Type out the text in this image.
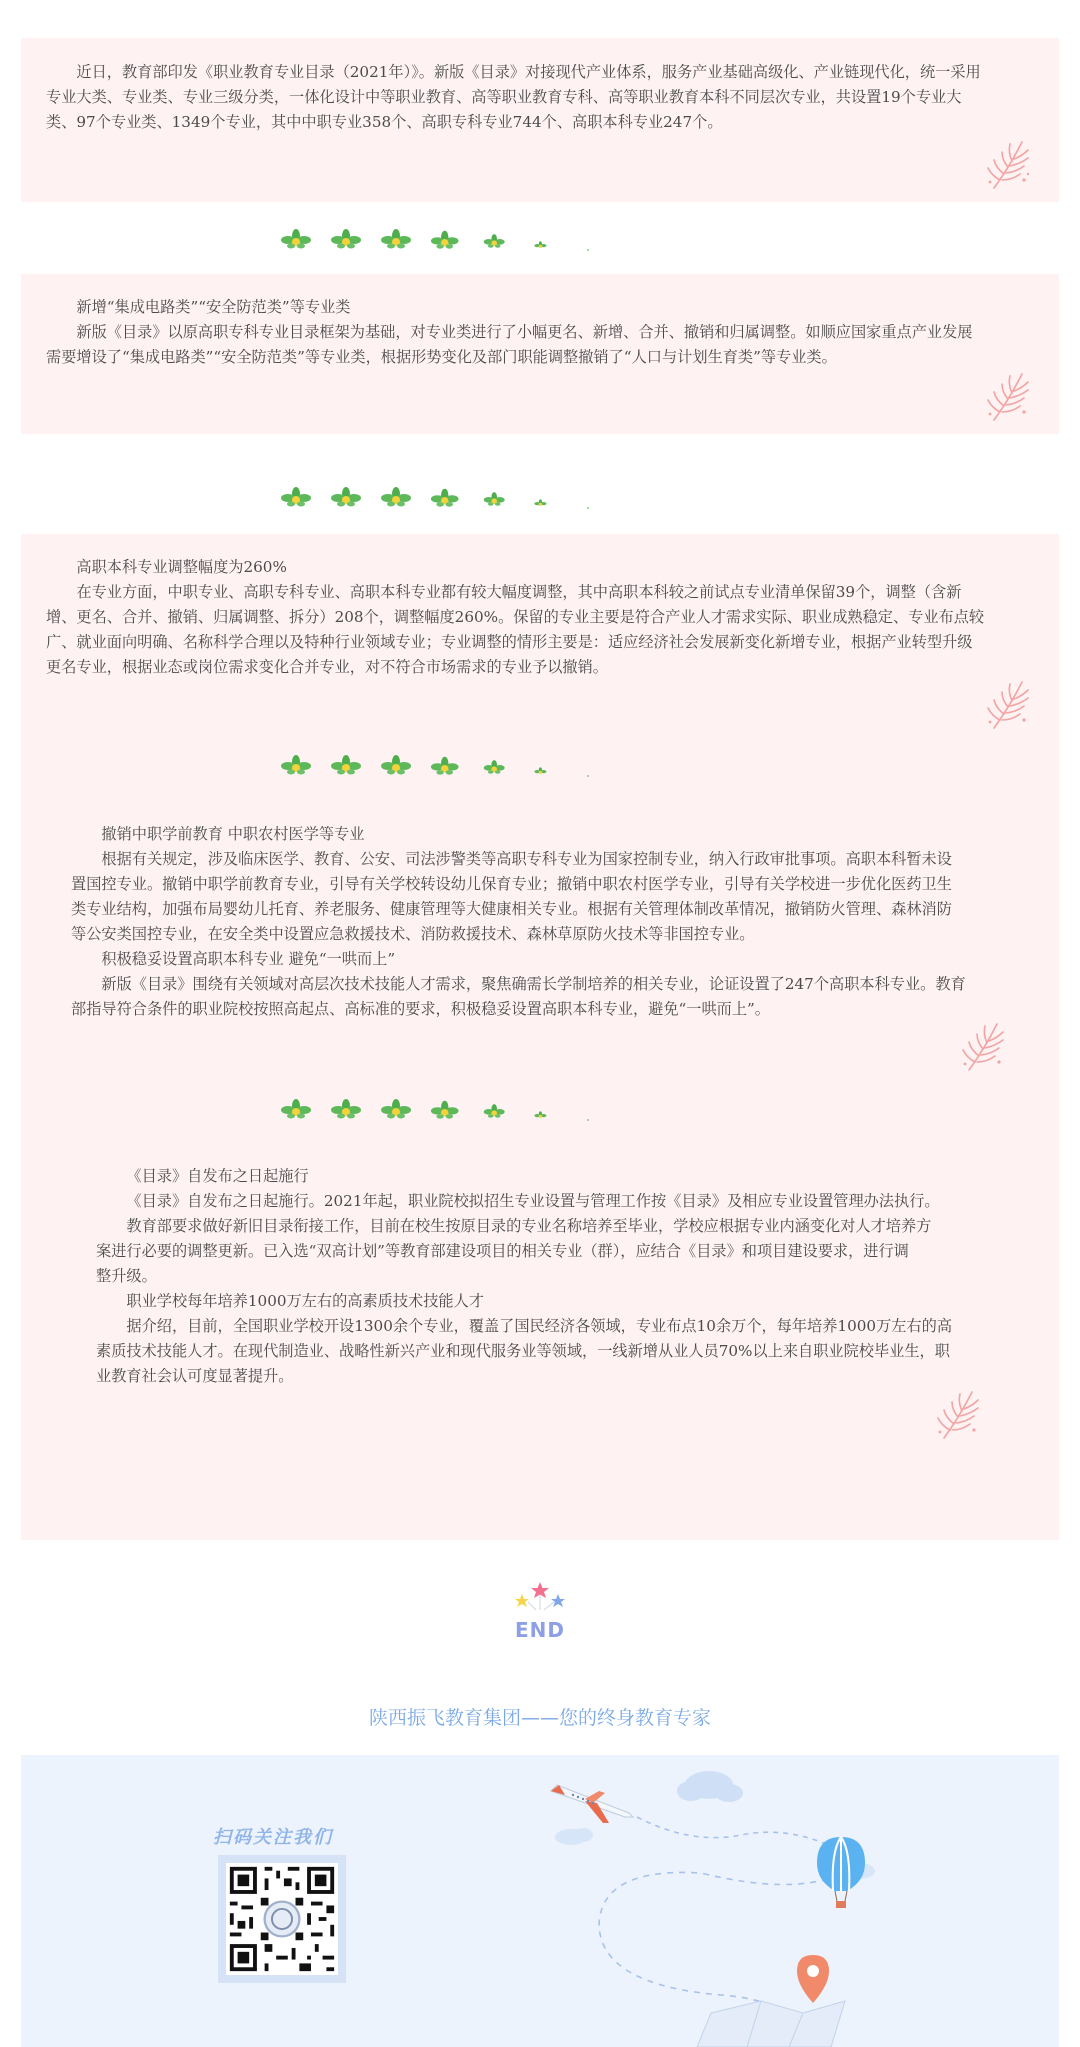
近日，教育部印发《职业教育专业目录（2021年）》。新版《目录》对接现代产业体系，服务产业基础高级化、产业链现代化，统一采用
专业大类、专业类、专业三级分类，一体化设计中等职业教育、高等职业教育专科、高等职业教育本科不同层次专业，共设置19个专业大
类、97个专业类、1349个专业，其中中职专业358个、高职专科专业744个、高职本科专业247个。

新增“集成电路类”“安全防范类”等专业类
新版《目录》以原高职专科专业目录框架为基础，对专业类进行了小幅更名、新增、合并、撤销和归属调整。如顺应国家重点产业发展
需要增设了“集成电路类”“安全防范类”等专业类，根据形势变化及部门职能调整撤销了“人口与计划生育类”等专业类。

高职本科专业调整幅度为260%
在专业方面，中职专业、高职专科专业、高职本科专业都有较大幅度调整，其中高职本科较之前试点专业清单保留39个，调整（含新
增、更名、合并、撤销、归属调整、拆分）208个，调整幅度260%。保留的专业主要是符合产业人才需求实际、职业成熟稳定、专业布点较
广、就业面向明确、名称科学合理以及特种行业领域专业；专业调整的情形主要是：适应经济社会发展新变化新增专业，根据产业转型升级
更名专业，根据业态或岗位需求变化合并专业，对不符合市场需求的专业予以撤销。

撤销中职学前教育 中职农村医学等专业
根据有关规定，涉及临床医学、教育、公安、司法涉警类等高职专科专业为国家控制专业，纳入行政审批事项。高职本科暂未设
置国控专业。撤销中职学前教育专业，引导有关学校转设幼儿保育专业；撤销中职农村医学专业，引导有关学校进一步优化医药卫生
类专业结构，加强布局婴幼儿托育、养老服务、健康管理等大健康相关专业。根据有关管理体制改革情况，撤销防火管理、森林消防
等公安类国控专业，在安全类中设置应急救援技术、消防救援技术、森林草原防火技术等非国控专业。
积极稳妥设置高职本科专业 避免“一哄而上”
新版《目录》围绕有关领域对高层次技术技能人才需求，聚焦确需长学制培养的相关专业，论证设置了247个高职本科专业。教育
部指导符合条件的职业院校按照高起点、高标准的要求，积极稳妥设置高职本科专业，避免“一哄而上”。

《目录》自发布之日起施行
《目录》自发布之日起施行。2021年起，职业院校拟招生专业设置与管理工作按《目录》及相应专业设置管理办法执行。
教育部要求做好新旧目录衔接工作，目前在校生按原目录的专业名称培养至毕业，学校应根据专业内涵变化对人才培养方
案进行必要的调整更新。已入选“双高计划”等教育部建设项目的相关专业（群），应结合《目录》和项目建设要求，进行调
整升级。
职业学校每年培养1000万左右的高素质技术技能人才
据介绍，目前，全国职业学校开设1300余个专业，覆盖了国民经济各领域，专业布点10余万个，每年培养1000万左右的高
素质技术技能人才。在现代制造业、战略性新兴产业和现代服务业等领域，一线新增从业人员70%以上来自职业院校毕业生，职
业教育社会认可度显著提升。

END
陕西振飞教育集团——您的终身教育专家
扫码关注我们
